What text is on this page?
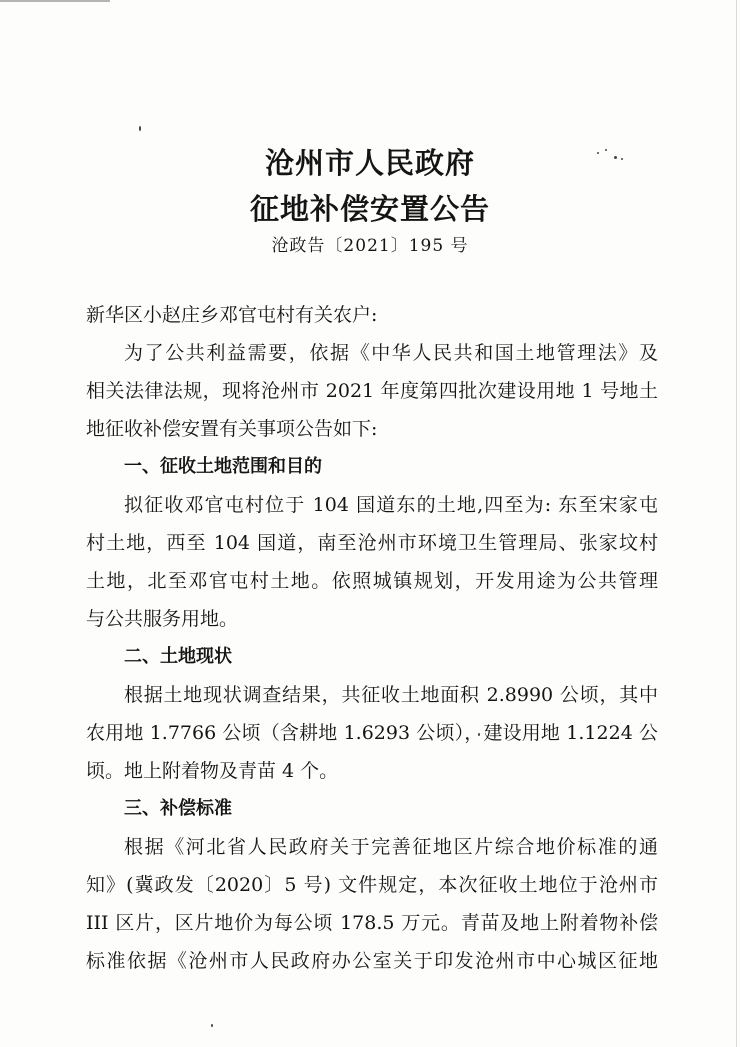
沧州市人民政府
征地补偿安置公告
沧政告〔2021〕195 号
新华区小赵庄乡邓官屯村有关农户:
为了公共利益需要，依据《中华人民共和国土地管理法》及
相关法律法规，现将沧州市 2021 年度第四批次建设用地 1 号地土
地征收补偿安置有关事项公告如下:
一、征收土地范围和目的
拟征收邓官屯村位于 104 国道东的土地,四至为: 东至宋家屯
村土地，西至 104 国道，南至沧州市环境卫生管理局、张家坟村
土地，北至邓官屯村土地。依照城镇规划，开发用途为公共管理
与公共服务用地。
二、土地现状
根据土地现状调查结果，共征收土地面积 2.8990 公顷，其中
农用地 1.7766 公顷（含耕地 1.6293 公顷），建设用地 1.1224 公
顷。地上附着物及青苗 4 个。
三、补偿标准
根据《河北省人民政府关于完善征地区片综合地价标准的通
知》(冀政发〔2020〕5 号) 文件规定，本次征收土地位于沧州市
III 区片，区片地价为每公顷 178.5 万元。青苗及地上附着物补偿
标准依据《沧州市人民政府办公室关于印发沧州市中心城区征地
